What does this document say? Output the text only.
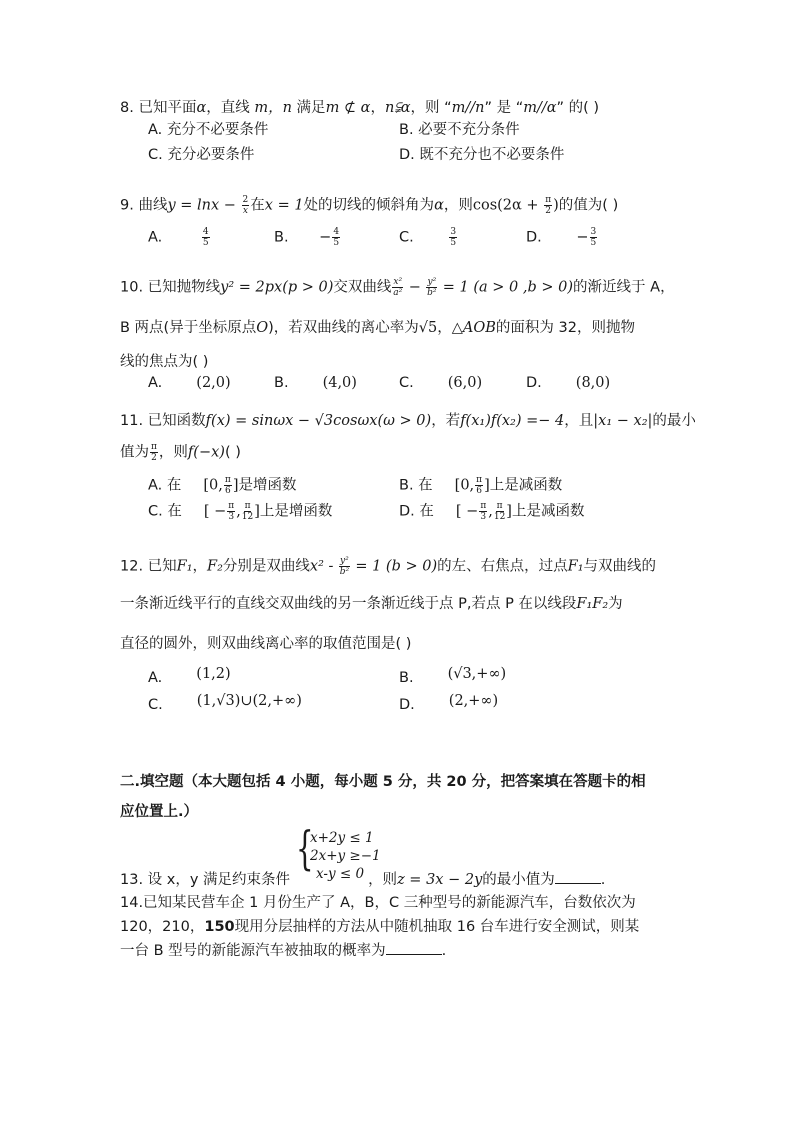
8. 已知平面α，直线 m，n 满足m ⊄ α，n⫋α，则 “m//n” 是 “m//α” 的( )
A. 充分不必要条件	B. 必要不充分条件
C. 充分必要条件	D. 既不充分也不必要条件
9. 曲线$y = \ln x - \frac{2}{x}$ 在x = 1处的切线的倾斜角为α，则$\cos(2\alpha + \frac{\pi}{2}$ )的值为( )
A.	$\frac{4}{5}$	B. − $\frac{4}{5}$	C.	$\frac{3}{5}$	D. − $\frac{3}{5}$
10. 已知抛物线y² = 2px(p > 0)交双曲线 $\frac{\text{x²}}{\text{a²}} - \frac{\text{y²}}{\text{b²}} = 1$ (a > 0 ,b > 0)的渐近线于 A，
B 两点(异于坐标原点O)，若双曲线的离心率为√5，△AOB的面积为 32，则抛物
线的焦点为( )
A. (2,0)	B. (4,0)	C. (6,0)	D. (8,0)
11. 已知函数f(x) = sinωx − √3cosωx(ω > 0)，若f(x₁)f(x₂) =− 4，且|x₁ − x₂|的最小
值为 $\frac{\pi}{2}$ ，则f(−x)( )
A. 在 [0, $\frac{\pi}{6}$ ]是增函数	B. 在 [0, $\frac{\pi}{6}$ ]上是减函数
C. 在 [ − $\frac{\pi}{3}$ , $\frac{\pi}{12}$ ]上是增函数	D. 在 [ − $\frac{\pi}{3}$ , $\frac{\pi}{12}$ ]上是减函数
12. 已知F₁，F₂分别是双曲线$x^2 - \frac{\text{y²}}{\text{b²}} = 1$ (b > 0)的左、右焦点，过点F₁与双曲线的
一条渐近线平行的直线交双曲线的另一条渐近线于点 P,若点 P 在以线段F₁F₂为
直径的圆外，则双曲线离心率的取值范围是( )
A. (1,2)	B. (√3,+∞)
C. (1,√3)∪(2,+∞)	D. (2,+∞)
二.填空题（本大题包括 4 小题，每小题 5 分，共 20 分，把答案填在答题卡的相
应位置上.）
{
x+2y ≤ 1
2x+y ≥−1
x-y ≤ 0
13. 设 x，y 满足约束条件	，则z = 3x − 2y的最小值为	.
14.已知某民营车企 1 月份生产了 A，B，C 三种型号的新能源汽车，台数依次为
120，210，150现用分层抽样的方法从中随机抽取 16 台车进行安全测试，则某
一台 B 型号的新能源汽车被抽取的概率为	.
